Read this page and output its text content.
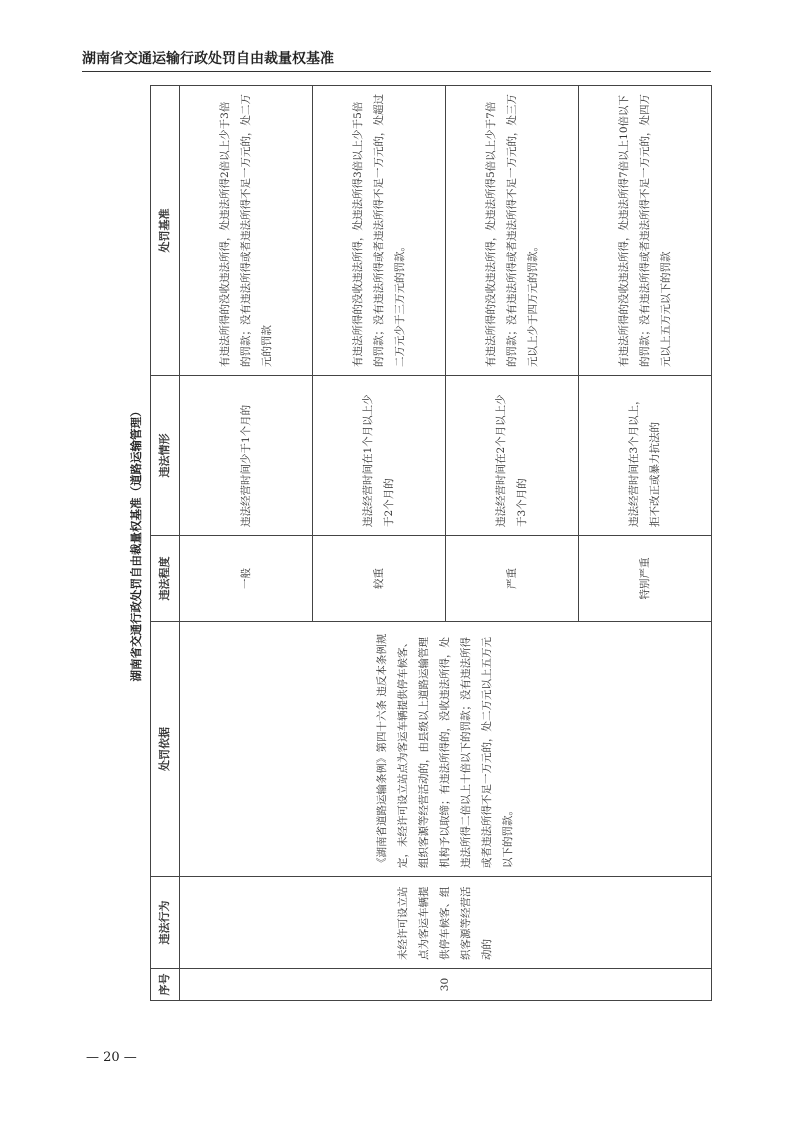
湖南省交通运输行政处罚自由裁量权基准
湖南省交通行政处罚自由裁量权基准（道路运输管理）
序号	违法行为	处罚依据	违法程度	违法情形	处罚基准
30	未经许可设立站点为客运车辆提供停车候客、组织客源等经营活动的	《湖南省道路运输条例》第四十六条 违反本条例规定，未经许可设立站点为客运车辆提供停车候客、组织客源等经营活动的，由县级以上道路运输管理机构予以取缔；有违法所得的，没收违法所得，处违法所得二倍以上十倍以下的罚款；没有违法所得或者违法所得不足一万元的，处二万元以上五万元以下的罚款。	一般	违法经营时间少于1个月的	有违法所得的没收违法所得，处违法所得2倍以上少于3倍的罚款；没有违法所得或者违法所得不足一万元的，处二万元的罚款
			较重	违法经营时间在1个月以上少于2个月的	有违法所得的没收违法所得，处违法所得3倍以上少于5倍的罚款；没有违法所得或者违法所得不足一万元的，处超过二万元少于三万元的罚款。
			严重	违法经营时间在2个月以上少于3个月的	有违法所得的没收违法所得，处违法所得5倍以上少于7倍的罚款；没有违法所得或者违法所得不足一万元的，处三万元以上少于四万元的罚款。
			特别严重	违法经营时间在3个月以上，拒不改正或暴力抗法的	有违法所得的没收违法所得，处违法所得7倍以上10倍以下的罚款；没有违法所得或者违法所得不足一万元的，处四万元以上五万元以下的罚款
— 20 —
